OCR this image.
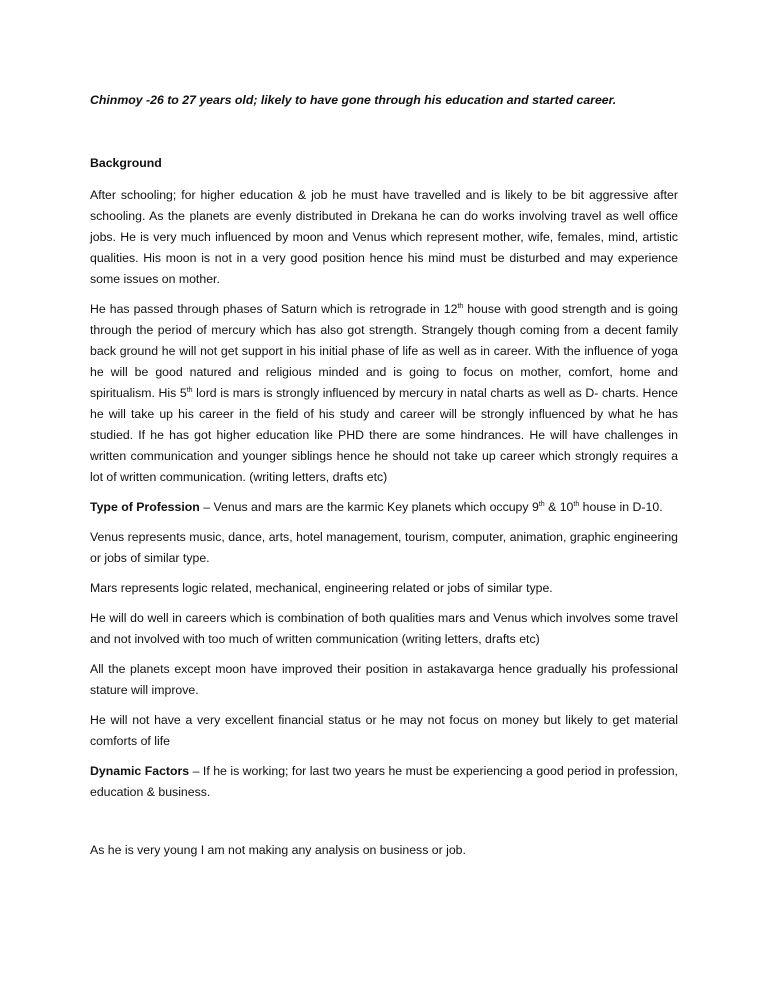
Chinmoy -26 to 27 years old; likely to have gone through his education and started career.

Background

After schooling; for higher education & job he must have travelled and is likely to be bit aggressive after schooling. As the planets are evenly distributed in Drekana he can do works involving travel as well office jobs. He is very much influenced by moon and Venus which represent mother, wife, females, mind, artistic qualities. His moon is not in a very good position hence his mind must be disturbed and may experience some issues on mother.

He has passed through phases of Saturn which is retrograde in 12th house with good strength and is going through the period of mercury which has also got strength. Strangely though coming from a decent family back ground he will not get support in his initial phase of life as well as in career. With the influence of yoga he will be good natured and religious minded and is going to focus on mother, comfort, home and spiritualism. His 5th lord is mars is strongly influenced by mercury in natal charts as well as D- charts. Hence he will take up his career in the field of his study and career will be strongly influenced by what he has studied. If he has got higher education like PHD there are some hindrances. He will have challenges in written communication and younger siblings hence he should not take up career which strongly requires a lot of written communication. (writing letters, drafts etc)

Type of Profession – Venus and mars are the karmic Key planets which occupy 9th & 10th house in D-10.

Venus represents music, dance, arts, hotel management, tourism, computer, animation, graphic engineering or jobs of similar type.

Mars represents logic related, mechanical, engineering related or jobs of similar type.

He will do well in careers which is combination of both qualities mars and Venus which involves some travel and not involved with too much of written communication (writing letters, drafts etc)

All the planets except moon have improved their position in astakavarga hence gradually his professional stature will improve.

He will not have a very excellent financial status or he may not focus on money but likely to get material comforts of life

Dynamic Factors – If he is working; for last two years he must be experiencing a good period in profession, education & business.

As he is very young I am not making any analysis on business or job.
